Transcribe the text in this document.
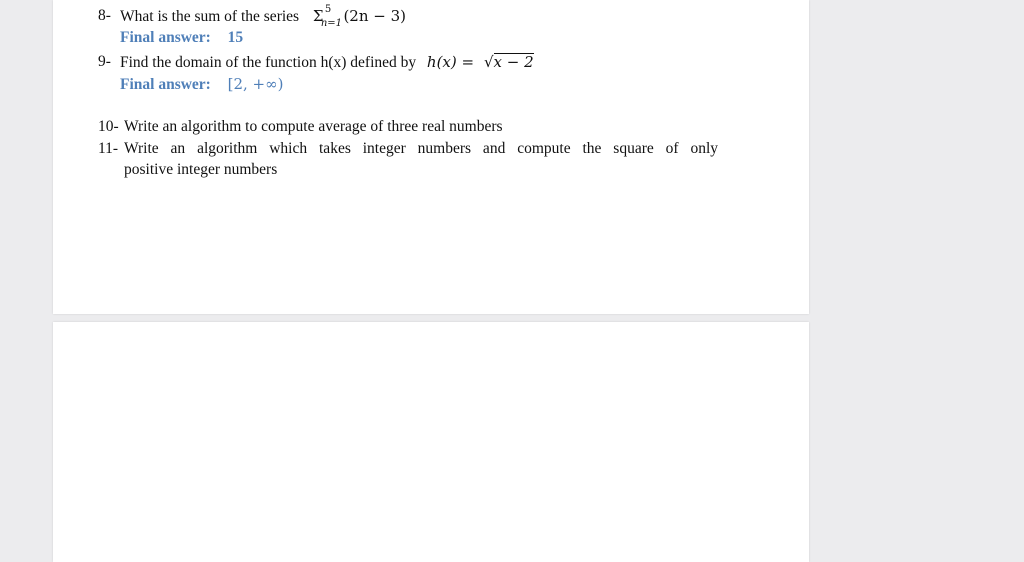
8- What is the sum of the series Σ 5
n=1 (2n − 3)
Final answer: 15
9- Find the domain of the function h(x) defined by h(x) = √x − 2
Final answer: [2, +∞)
10- Write an algorithm to compute average of three real numbers
11- Write an algorithm which takes integer numbers and compute the square of only
positive integer numbers
